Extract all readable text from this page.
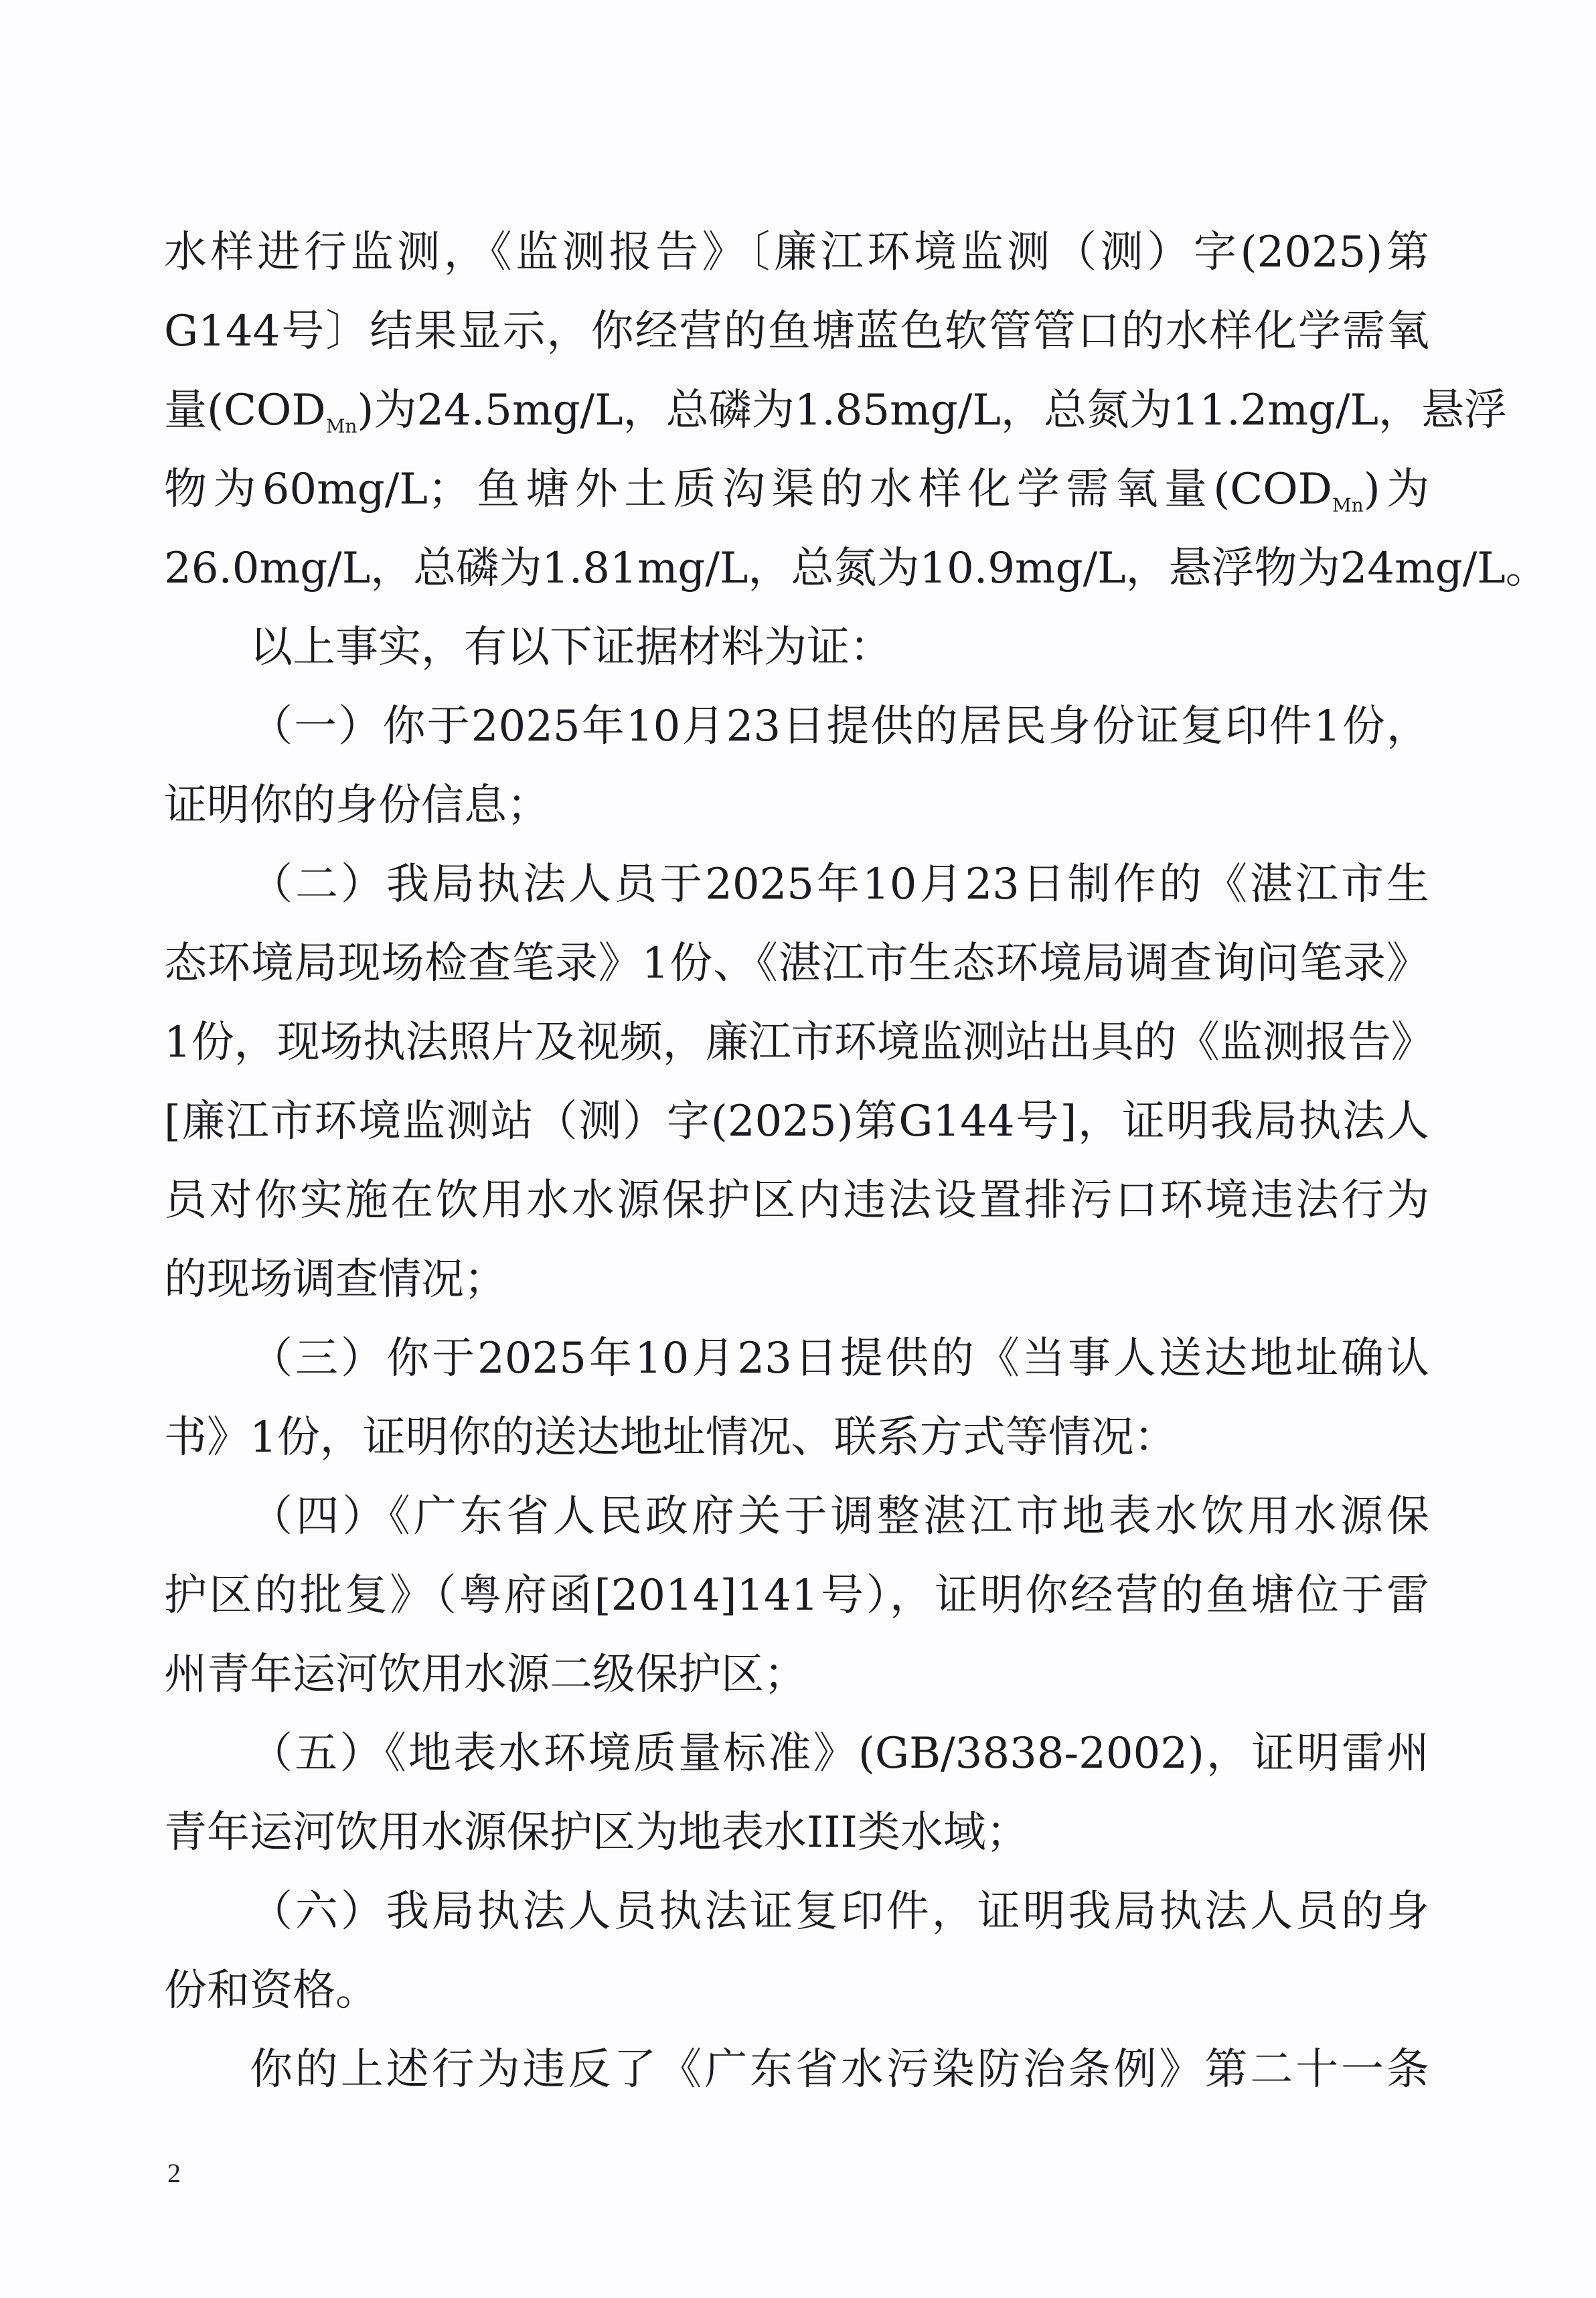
水样进行监测，《监测报告》〔廉江环境监测（测）字(2025)第
G144号〕结果显示，你经营的鱼塘蓝色软管管口的水样化学需氧
量$(COD_{Mn})$为24.5mg/L，总磷为1.85mg/L，总氮为11.2mg/L，悬浮
物为60mg/L；鱼塘外土质沟渠的水样化学需氧量$(COD_{Mn})$为
26.0mg/L，总磷为1.81mg/L，总氮为10.9mg/L，悬浮物为24mg/L。
以上事实，有以下证据材料为证：
（一）你于2025年10月23日提供的居民身份证复印件1份，
证明你的身份信息；
（二）我局执法人员于2025年10月23日制作的《湛江市生
态环境局现场检查笔录》1份、《湛江市生态环境局调查询问笔录》
1份，现场执法照片及视频，廉江市环境监测站出具的《监测报告》
[廉江市环境监测站（测）字(2025)第G144号]，证明我局执法人
员对你实施在饮用水水源保护区内违法设置排污口环境违法行为
的现场调查情况；
（三）你于2025年10月23日提供的《当事人送达地址确认
书》1份，证明你的送达地址情况、联系方式等情况：
（四）《广东省人民政府关于调整湛江市地表水饮用水源保
护区的批复》（粤府函[2014]141号），证明你经营的鱼塘位于雷
州青年运河饮用水源二级保护区；
（五）《地表水环境质量标准》(GB/3838-2002)，证明雷州
青年运河饮用水源保护区为地表水III类水域；
（六）我局执法人员执法证复印件，证明我局执法人员的身
份和资格。
你的上述行为违反了《广东省水污染防治条例》第二十一条
2
